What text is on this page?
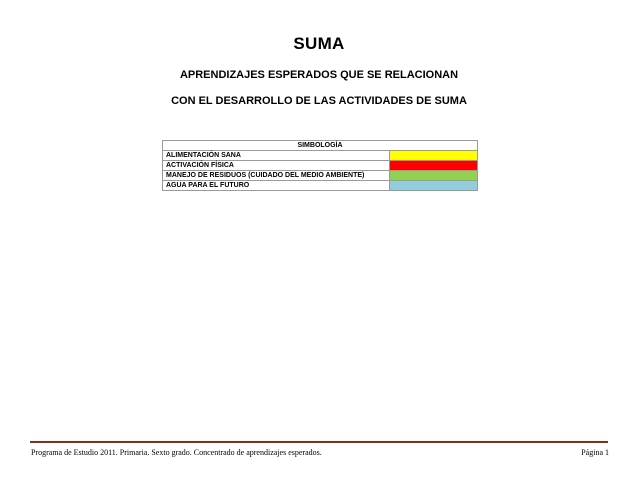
SUMA
APRENDIZAJES ESPERADOS QUE SE RELACIONAN
CON EL DESARROLLO DE LAS ACTIVIDADES DE SUMA
SIMBOLOGÍA	
ALIMENTACIÓN SANA	
ACTIVACIÓN FÍSICA	
MANEJO DE RESIDUOS (CUIDADO DEL MEDIO AMBIENTE)	
AGUA PARA EL FUTURO	
Programa de Estudio 2011. Primaria. Sexto grado. Concentrado de aprendizajes esperados.	Página 1
